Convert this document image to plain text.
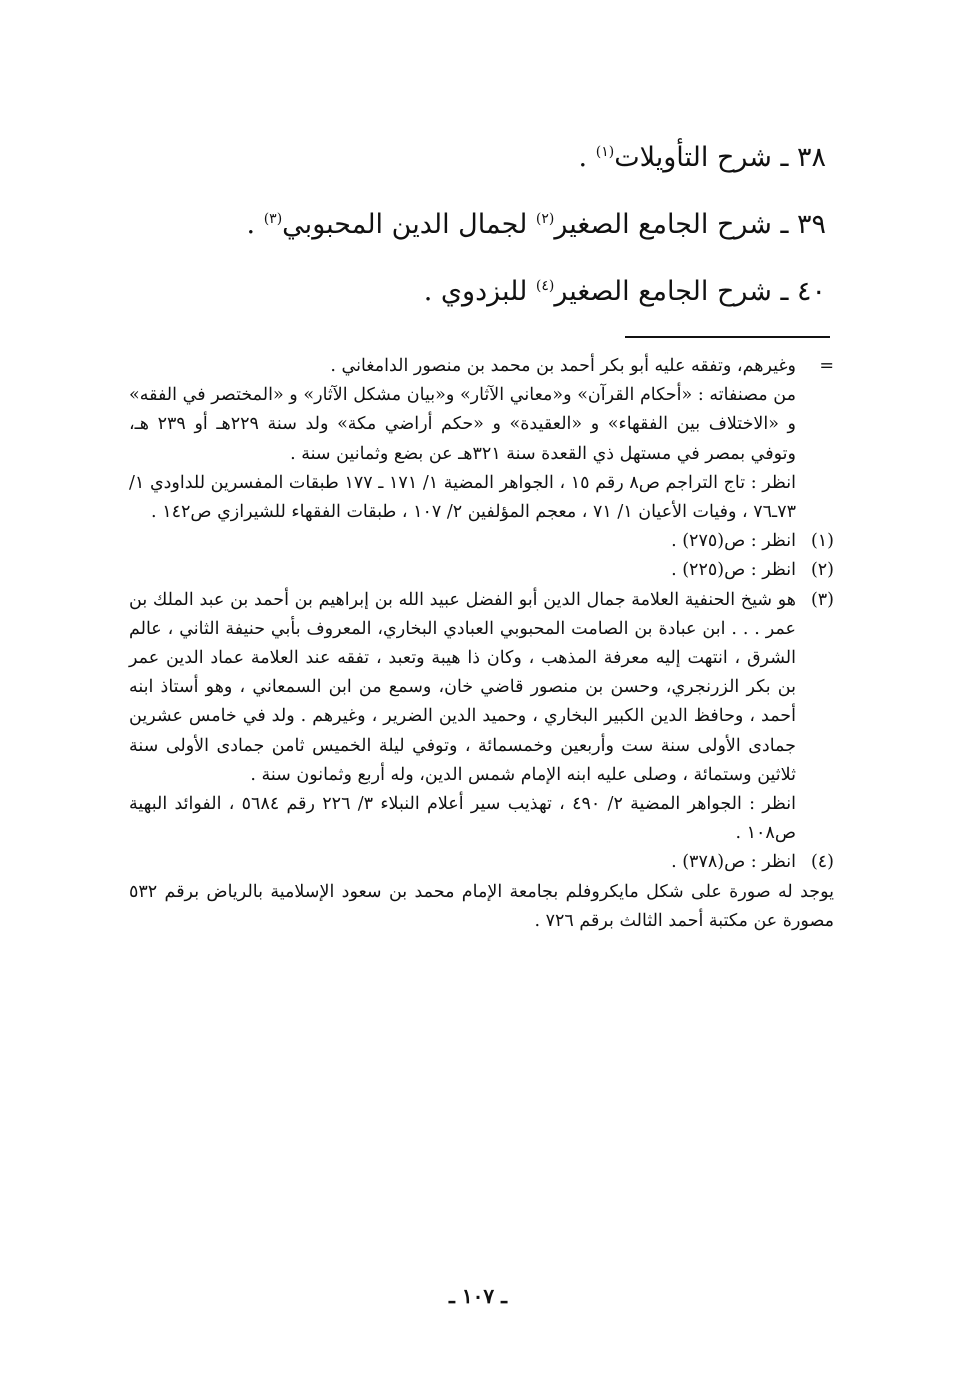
٣٨ ـ شرح التأويلات$^{(١)}$ .
٣٩ ـ شرح الجامع الصغير$^{(٢)}$ لجمال الدين المحبوبي$^{(٣)}$ .
٤٠ ـ شرح الجامع الصغير$^{(٤)}$ للبزدوي .
=

وغيرهم، وتفقه عليه أبو بكر أحمد بن محمد بن منصور الدامغاني .

من مصنفاته : «أحكام القرآن» و«معاني الآثار» و«بيان مشكل الآثار» و «المختصر في الفقه» و «الاختلاف بين الفقهاء» و «العقيدة» و «حكم أراضي مكة» ولد سنة ٢٢٩هـ أو ٢٣٩ هـ، وتوفي بمصر في مستهل ذي القعدة سنة ٣٢١هـ عن بضع وثمانين سنة .

انظر : تاج التراجم ص٨ رقم ١٥ ، الجواهر المضية ١/ ١٧١ ـ ١٧٧ طبقات المفسرين للداودي ١/ ٧٣ـ٧٦ ، وفيات الأعيان ١/ ٧١ ، معجم المؤلفين ٢/ ١٠٧ ، طبقات الفقهاء للشيرازي ص١٤٢ .

(١)

انظر : ص(٢٧٥) .

(٢)

انظر : ص(٢٢٥) .

(٣)

هو شيخ الحنفية العلامة جمال الدين أبو الفضل عبيد الله بن إبراهيم بن أحمد بن عبد الملك بن عمر . . . ابن عبادة بن الصامت المحبوبي العبادي البخاري، المعروف بأبي حنيفة الثاني ، عالم الشرق ، انتهت إليه معرفة المذهب ، وكان ذا هيبة وتعبد ، تفقه عند العلامة عماد الدين عمر بن بكر الزرنجري، وحسن بن منصور قاضي خان، وسمع من ابن السمعاني ، وهو أستاذ ابنه أحمد ، وحافظ الدين الكبير البخاري ، وحميد الدين الضرير ، وغيرهم . ولد في خامس عشرين جمادى الأولى سنة ست وأربعين وخمسمائة ، وتوفي ليلة الخميس ثامن جمادى الأولى سنة ثلاثين وستمائة ، وصلى عليه ابنه الإمام شمس الدين، وله أربع وثمانون سنة .

انظر : الجواهر المضية ٢/ ٤٩٠ ، تهذيب سير أعلام النبلاء ٣/ ٢٢٦ رقم ٥٦٨٤ ، الفوائد البهية ص١٠٨ .

(٤)

انظر : ص(٣٧٨) .

يوجد له صورة على شكل مايكروفلم بجامعة الإمام محمد بن سعود الإسلامية بالرياض برقم ٥٣٢ مصورة عن مكتبة أحمد الثالث برقم ٧٢٦ .

ـ ١٠٧ ـ
